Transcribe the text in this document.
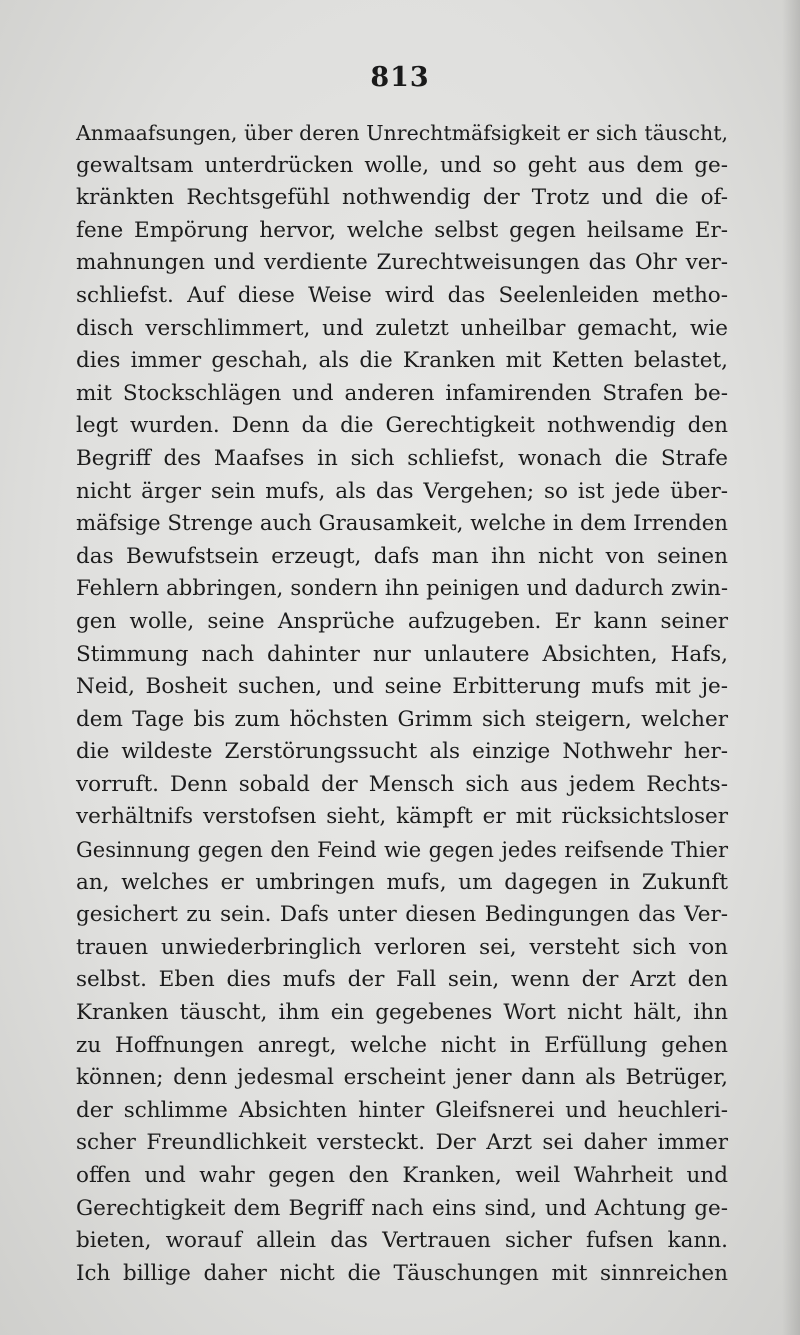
813
Anmaafsungen, über deren Unrechtmäfsigkeit er sich täuscht,
gewaltsam unterdrücken wolle, und so geht aus dem ge-
kränkten Rechtsgefühl nothwendig der Trotz und die of-
fene Empörung hervor, welche selbst gegen heilsame Er-
mahnungen und verdiente Zurechtweisungen das Ohr ver-
schliefst. Auf diese Weise wird das Seelenleiden metho-
disch verschlimmert, und zuletzt unheilbar gemacht, wie
dies immer geschah, als die Kranken mit Ketten belastet,
mit Stockschlägen und anderen infamirenden Strafen be-
legt wurden. Denn da die Gerechtigkeit nothwendig den
Begriff des Maafses in sich schliefst, wonach die Strafe
nicht ärger sein mufs, als das Vergehen; so ist jede über-
mäfsige Strenge auch Grausamkeit, welche in dem Irrenden
das Bewufstsein erzeugt, dafs man ihn nicht von seinen
Fehlern abbringen, sondern ihn peinigen und dadurch zwin-
gen wolle, seine Ansprüche aufzugeben. Er kann seiner
Stimmung nach dahinter nur unlautere Absichten, Hafs,
Neid, Bosheit suchen, und seine Erbitterung mufs mit je-
dem Tage bis zum höchsten Grimm sich steigern, welcher
die wildeste Zerstörungssucht als einzige Nothwehr her-
vorruft. Denn sobald der Mensch sich aus jedem Rechts-
verhältnifs verstofsen sieht, kämpft er mit rücksichtsloser
Gesinnung gegen den Feind wie gegen jedes reifsende Thier
an, welches er umbringen mufs, um dagegen in Zukunft
gesichert zu sein. Dafs unter diesen Bedingungen das Ver-
trauen unwiederbringlich verloren sei, versteht sich von
selbst. Eben dies mufs der Fall sein, wenn der Arzt den
Kranken täuscht, ihm ein gegebenes Wort nicht hält, ihn
zu Hoffnungen anregt, welche nicht in Erfüllung gehen
können; denn jedesmal erscheint jener dann als Betrüger,
der schlimme Absichten hinter Gleifsnerei und heuchleri-
scher Freundlichkeit versteckt. Der Arzt sei daher immer
offen und wahr gegen den Kranken, weil Wahrheit und
Gerechtigkeit dem Begriff nach eins sind, und Achtung ge-
bieten, worauf allein das Vertrauen sicher fufsen kann.
Ich billige daher nicht die Täuschungen mit sinnreichen
